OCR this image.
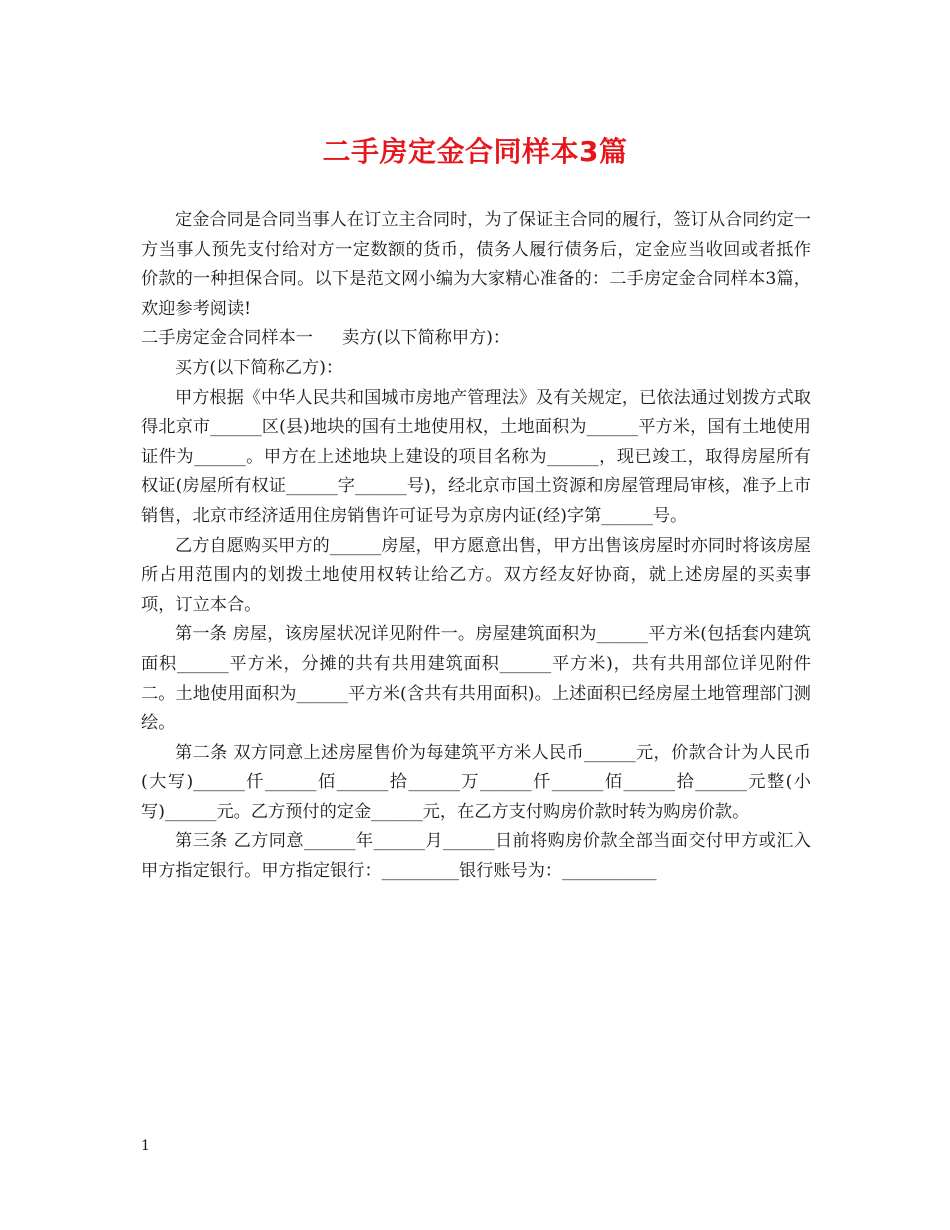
二手房定金合同样本3篇

定金合同是合同当事人在订立主合同时，为了保证主合同的履行，签订从合同约定一方当事人预先支付给对方一定数额的货币，债务人履行债务后，定金应当收回或者抵作价款的一种担保合同。以下是范文网小编为大家精心准备的：二手房定金合同样本3篇，欢迎参考阅读!

二手房定金合同样本一	卖方(以下简称甲方)：

买方(以下简称乙方)：

甲方根据《中华人民共和国城市房地产管理法》及有关规定，已依法通过划拨方式取得北京市______区(县)地块的国有土地使用权，土地面积为______平方米，国有土地使用证件为______。甲方在上述地块上建设的项目名称为______，现已竣工，取得房屋所有权证(房屋所有权证______字______号)，经北京市国土资源和房屋管理局审核，准予上市销售，北京市经济适用住房销售许可证号为京房内证(经)字第______号。

乙方自愿购买甲方的______房屋，甲方愿意出售，甲方出售该房屋时亦同时将该房屋所占用范围内的划拨土地使用权转让给乙方。双方经友好协商，就上述房屋的买卖事项，订立本合。

第一条 房屋，该房屋状况详见附件一。房屋建筑面积为______平方米(包括套内建筑面积______平方米，分摊的共有共用建筑面积______平方米)，共有共用部位详见附件二。土地使用面积为______平方米(含共有共用面积)。上述面积已经房屋土地管理部门测绘。

第二条 双方同意上述房屋售价为每建筑平方米人民币______元，价款合计为人民币(大写)______仟______佰______拾______万______仟______佰______拾______元整(小写)______元。乙方预付的定金______元，在乙方支付购房价款时转为购房价款。

第三条 乙方同意______年______月______日前将购房价款全部当面交付甲方或汇入甲方指定银行。甲方指定银行：_________银行账号为：___________

1
